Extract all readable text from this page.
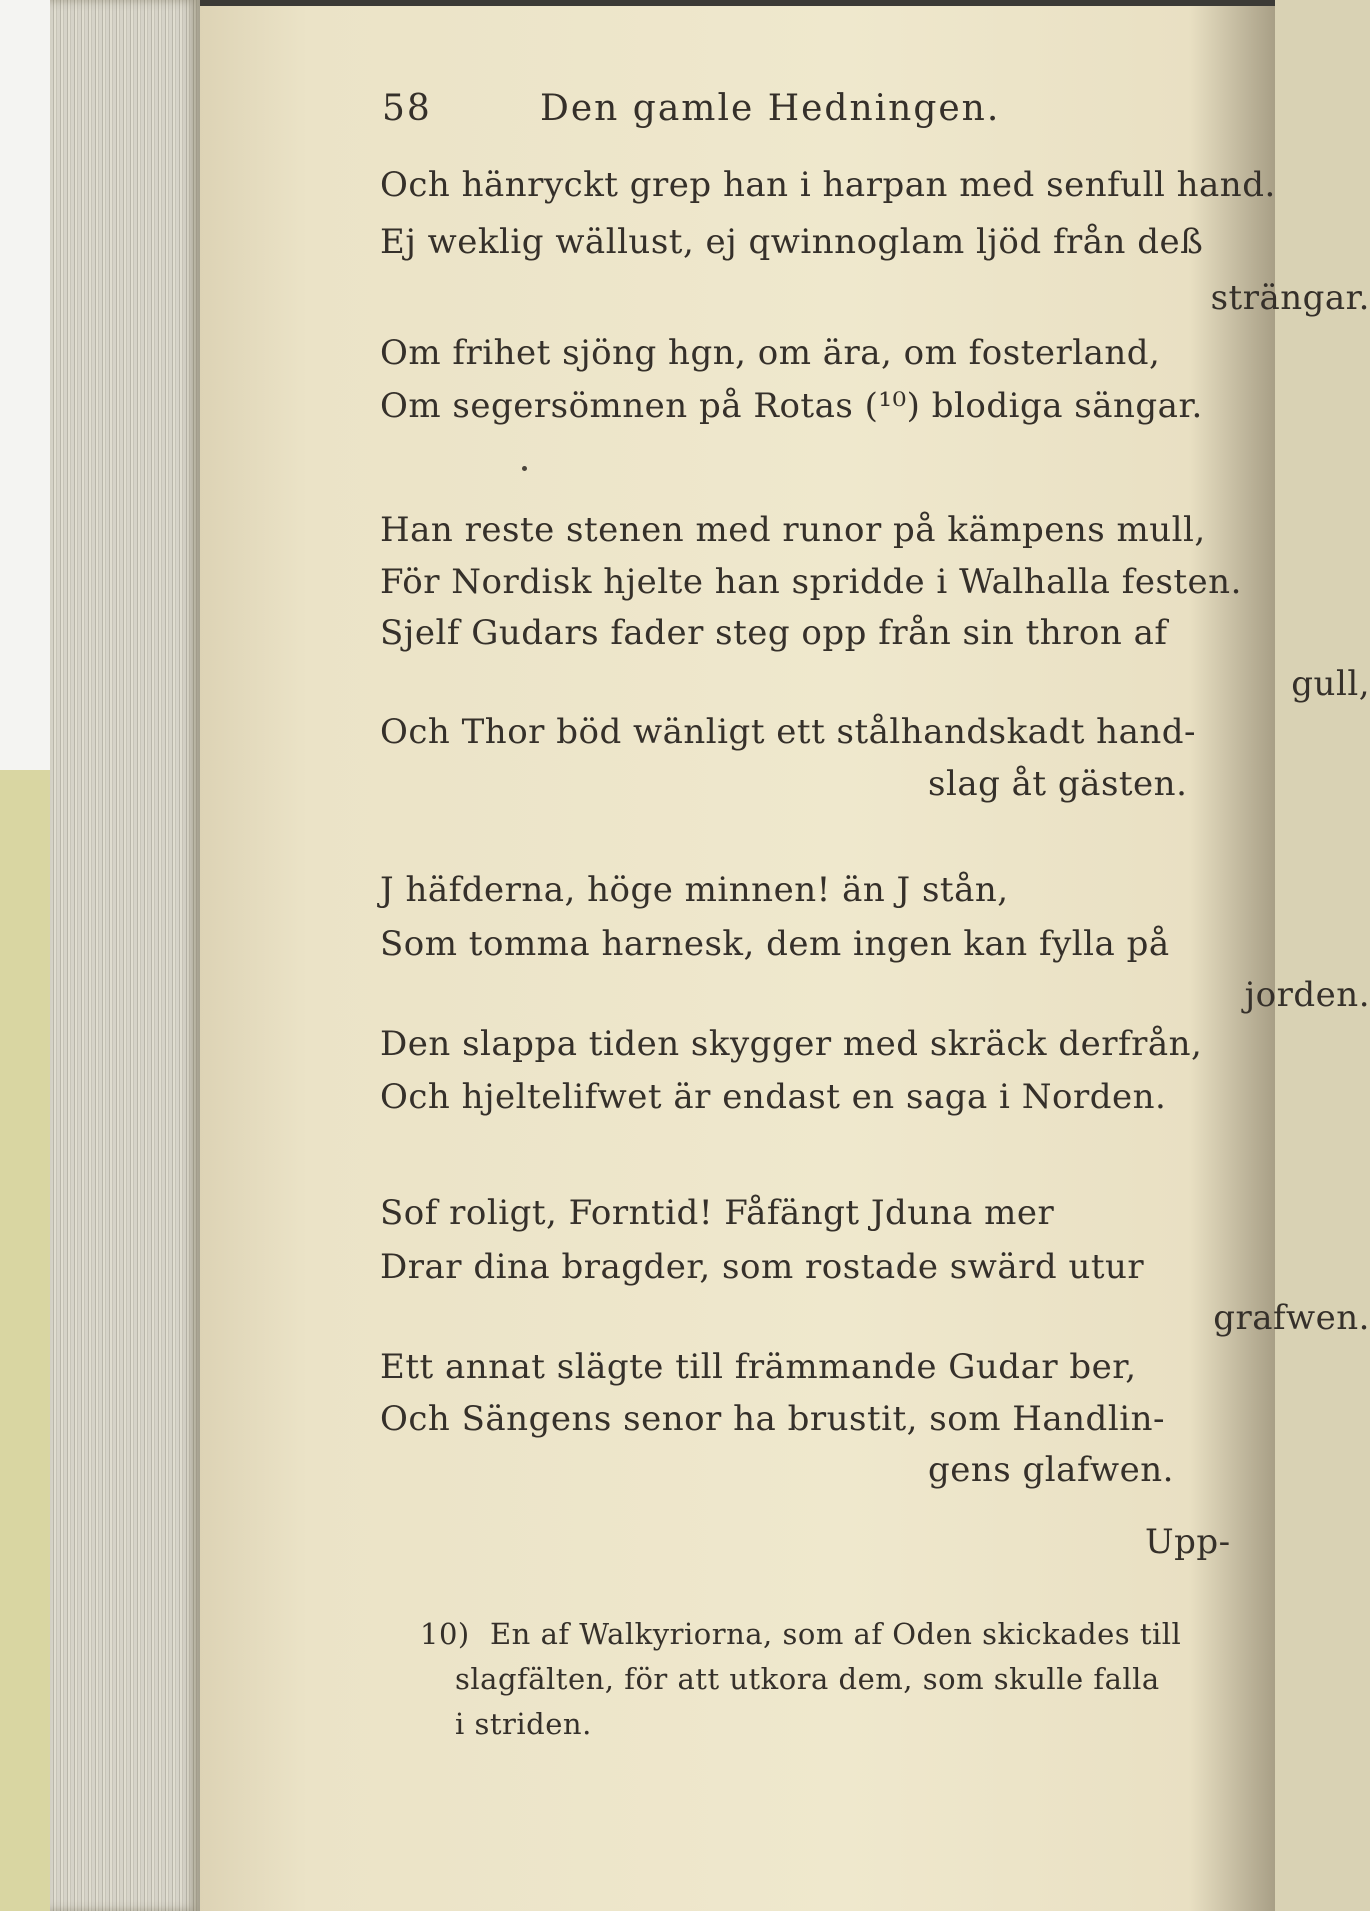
58	Den gamle Hedningen.
Och hänryckt grep han i harpan med senfull hand.
Ej weklig wällust, ej qwinnoglam ljöd från deß
strängar.
Om frihet sjöng hgn, om ära, om fosterland,
Om segersömnen på Rotas (¹⁰) blodiga sängar.
Han reste stenen med runor på kämpens mull,
För Nordisk hjelte han spridde i Walhalla festen.
Sjelf Gudars fader steg opp från sin thron af
gull,
Och Thor böd wänligt ett stålhandskadt hand-
slag åt gästen.
J häfderna, höge minnen! än J stån,
Som tomma harnesk, dem ingen kan fylla på
jorden.
Den slappa tiden skygger med skräck derfrån,
Och hjeltelifwet är endast en saga i Norden.
Sof roligt, Forntid! Fåfängt Jduna mer
Drar dina bragder, som rostade swärd utur
grafwen.
Ett annat slägte till främmande Gudar ber,
Och Sängens senor ha brustit, som Handlin-
gens glafwen.
Upp-
10) En af Walkyriorna, som af Oden skickades till
slagfälten, för att utkora dem, som skulle falla
i striden.
